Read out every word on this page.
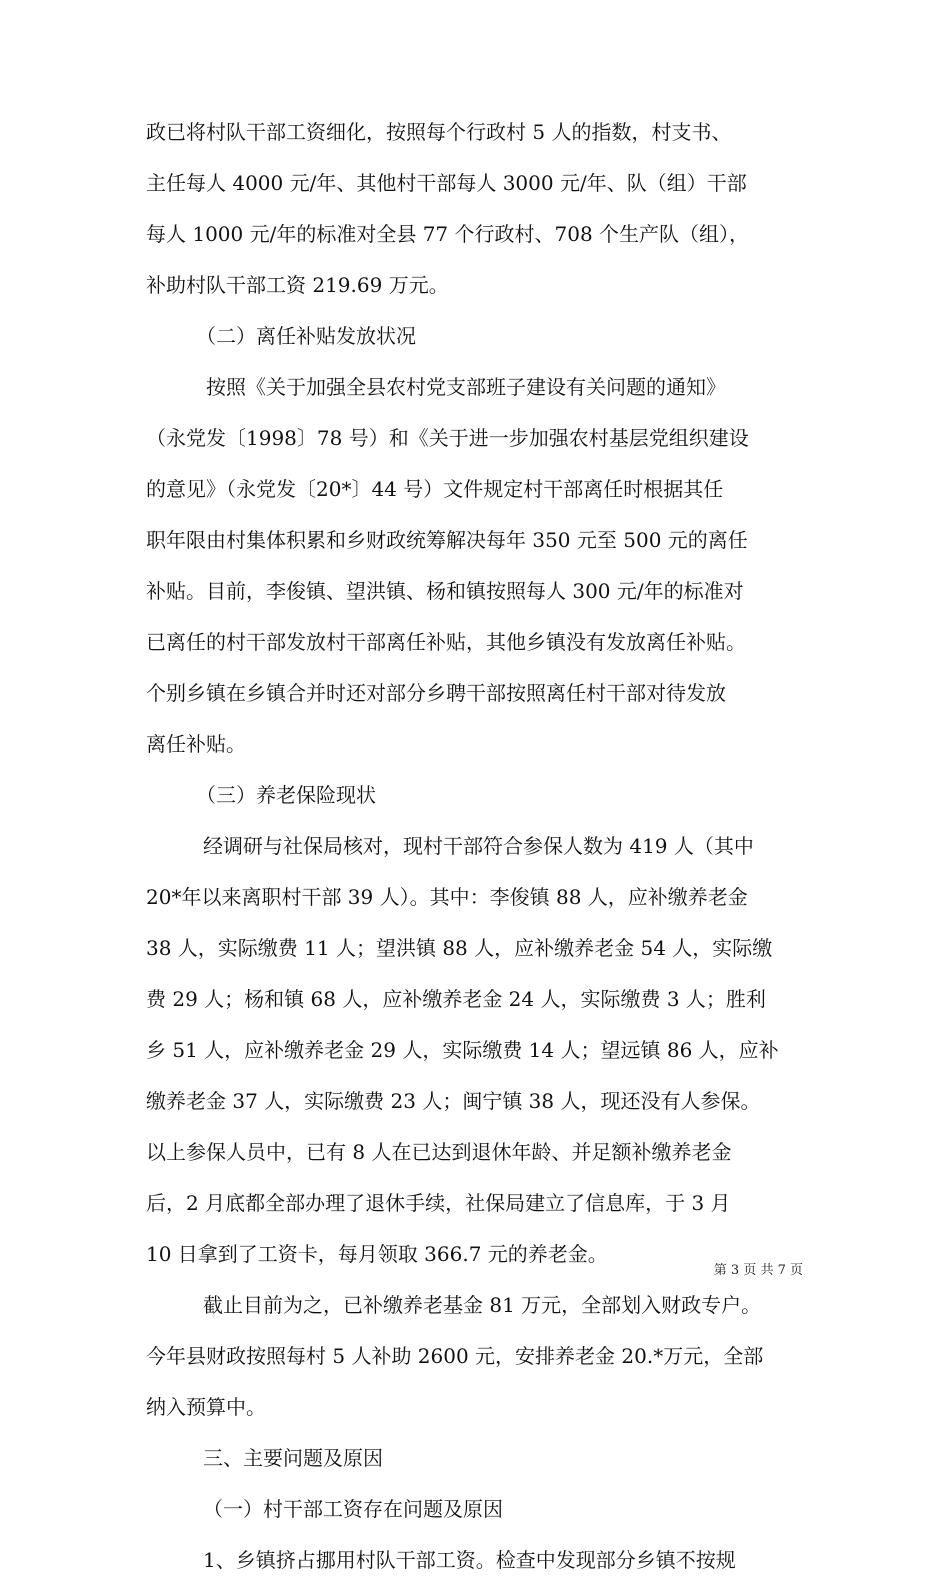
政已将村队干部工资细化，按照每个行政村 5 人的指数，村支书、
主任每人 4000 元/年、其他村干部每人 3000 元/年、队（组）干部
每人 1000 元/年的标准对全县 77 个行政村、708 个生产队（组），
补助村队干部工资 219.69 万元。
（二）离任补贴发放状况
按照《关于加强全县农村党支部班子建设有关问题的通知》
（永党发〔1998〕78 号）和《关于进一步加强农村基层党组织建设
的意见》（永党发〔20*〕44 号）文件规定村干部离任时根据其任
职年限由村集体积累和乡财政统筹解决每年 350 元至 500 元的离任
补贴。目前，李俊镇、望洪镇、杨和镇按照每人 300 元/年的标准对
已离任的村干部发放村干部离任补贴，其他乡镇没有发放离任补贴。
个别乡镇在乡镇合并时还对部分乡聘干部按照离任村干部对待发放
离任补贴。
（三）养老保险现状
经调研与社保局核对，现村干部符合参保人数为 419 人（其中
20*年以来离职村干部 39 人）。其中：李俊镇 88 人，应补缴养老金
38 人，实际缴费 11 人；望洪镇 88 人，应补缴养老金 54 人，实际缴
费 29 人；杨和镇 68 人，应补缴养老金 24 人，实际缴费 3 人；胜利
乡 51 人，应补缴养老金 29 人，实际缴费 14 人；望远镇 86 人，应补
缴养老金 37 人，实际缴费 23 人；闽宁镇 38 人，现还没有人参保。
以上参保人员中，已有 8 人在已达到退休年龄、并足额补缴养老金
后，2 月底都全部办理了退休手续，社保局建立了信息库，于 3 月
10 日拿到了工资卡，每月领取 366.7 元的养老金。
截止目前为之，已补缴养老基金 81 万元，全部划入财政专户。
今年县财政按照每村 5 人补助 2600 元，安排养老金 20.*万元，全部
纳入预算中。
三、主要问题及原因
（一）村干部工资存在问题及原因
1、乡镇挤占挪用村队干部工资。检查中发现部分乡镇不按规
第 3 页 共 7 页
